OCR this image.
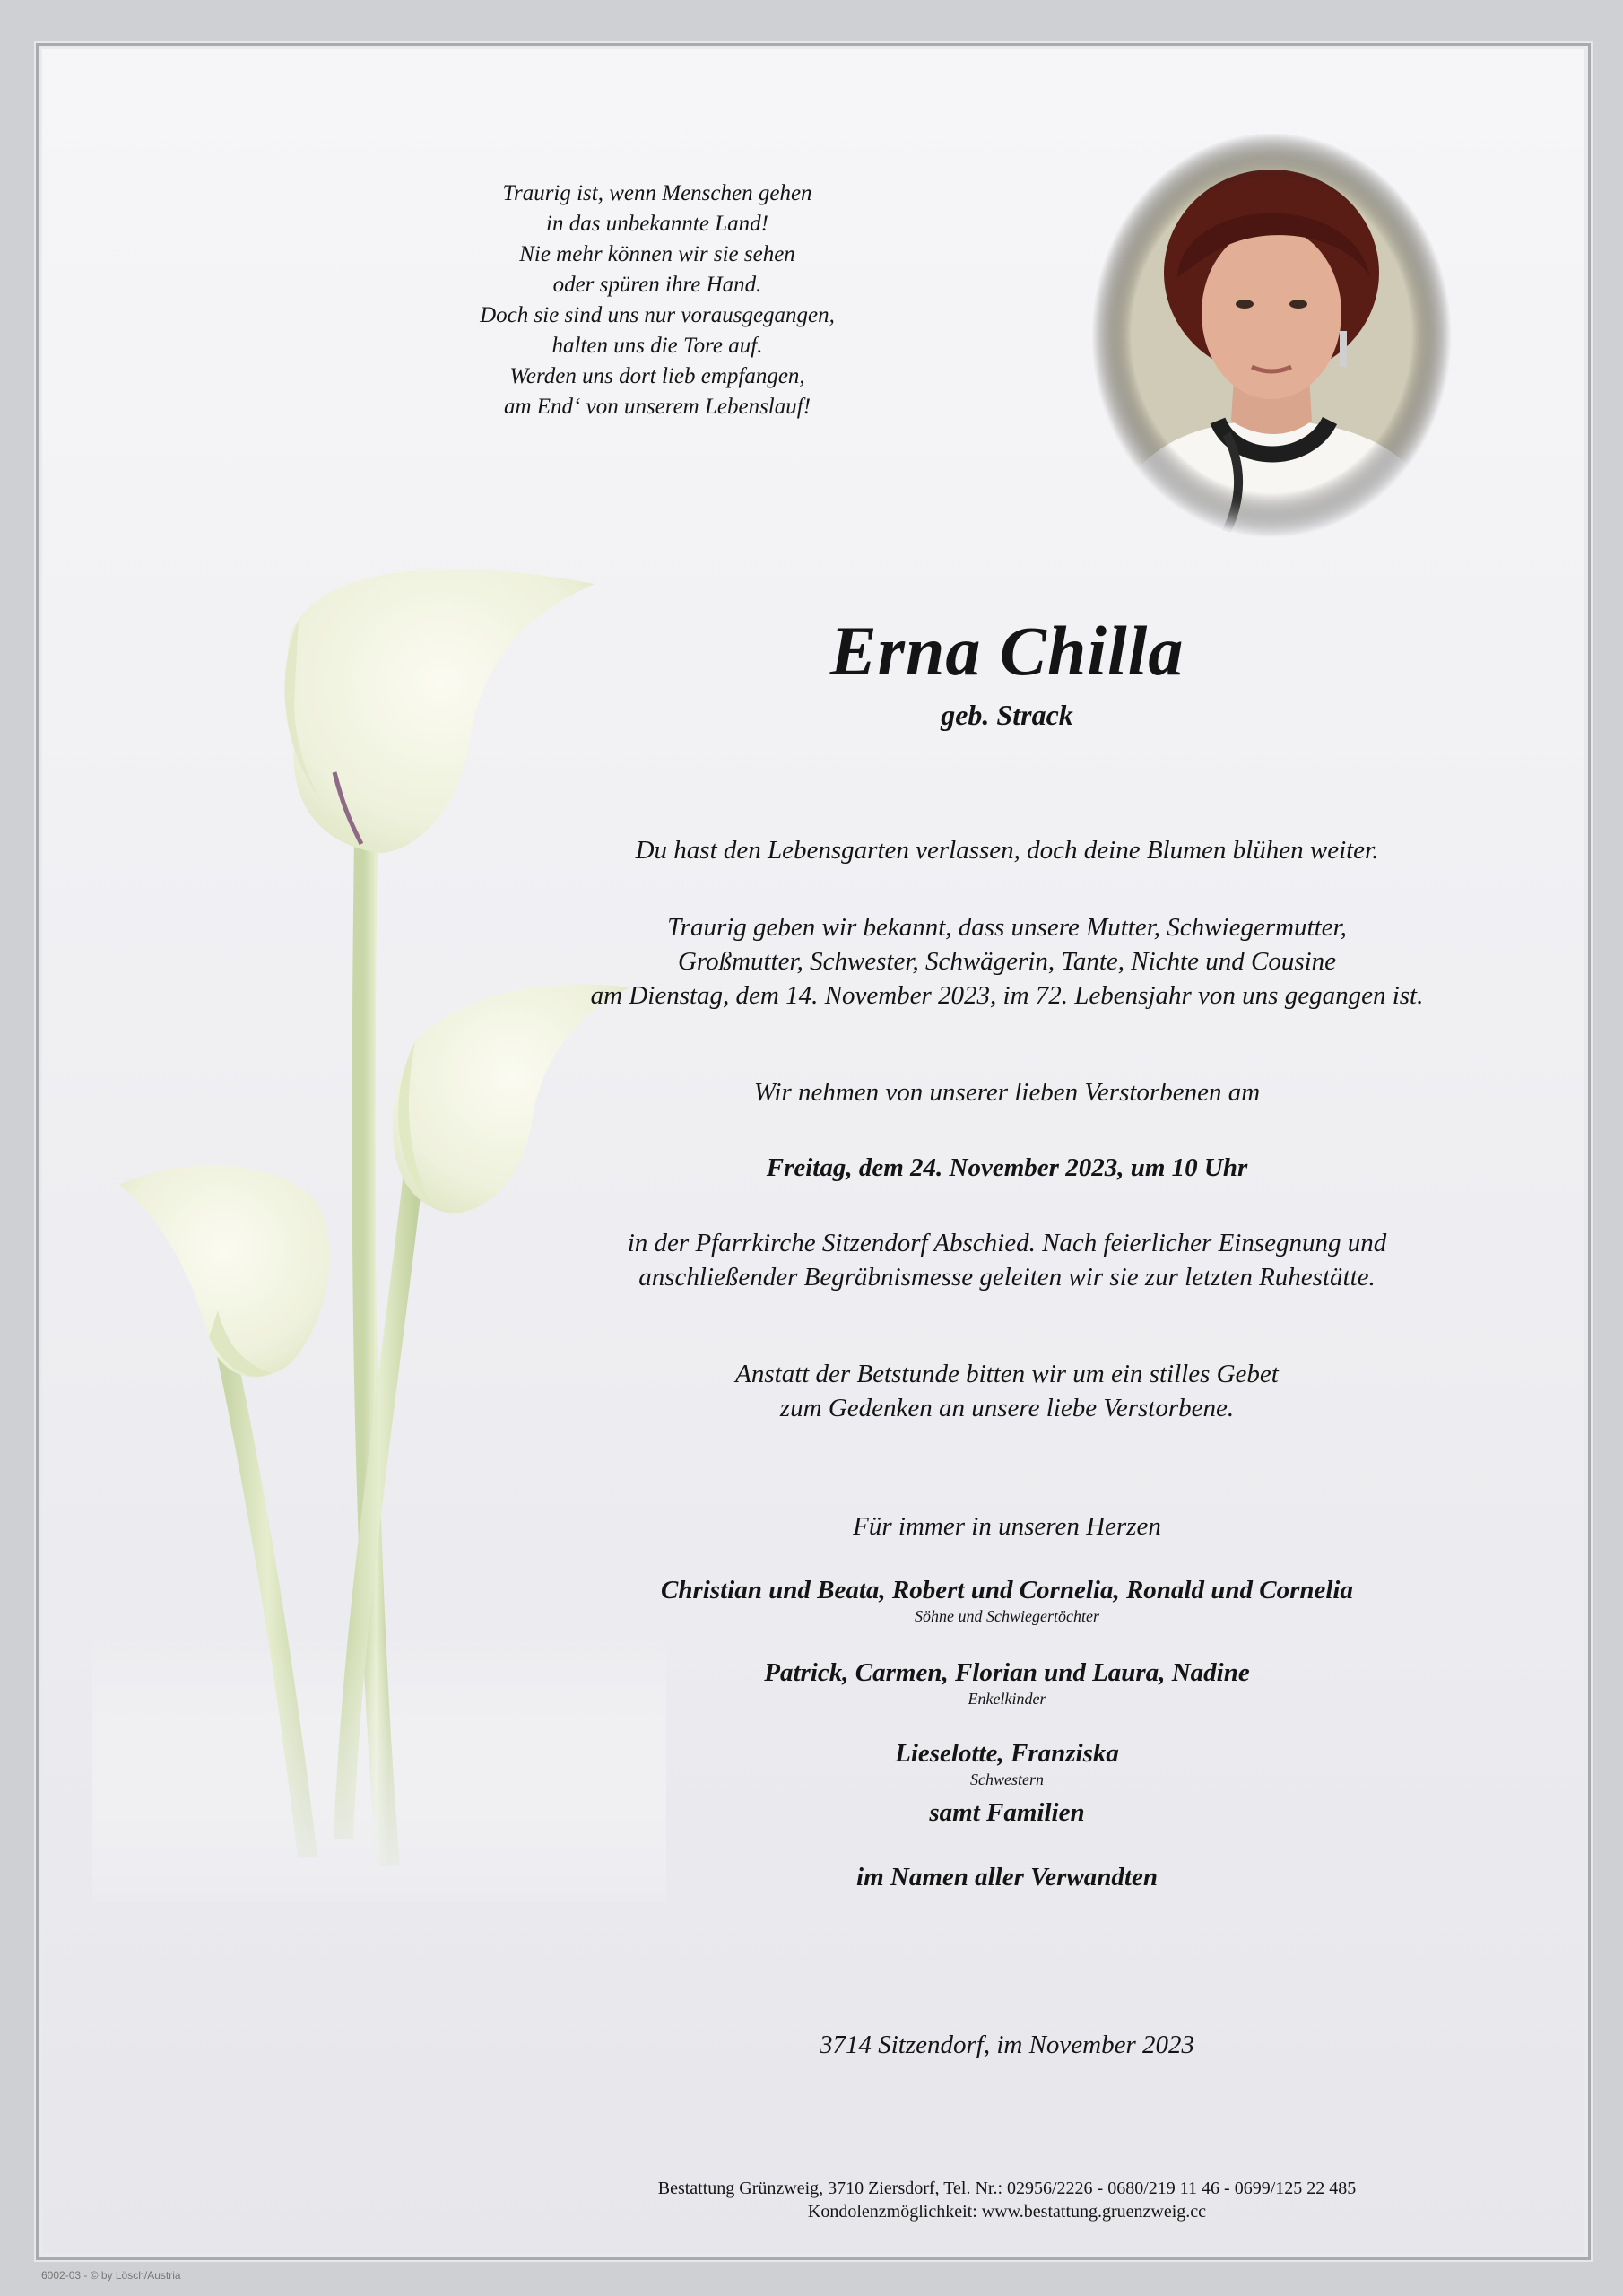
Traurig ist, wenn Menschen gehen
in das unbekannte Land!
Nie mehr können wir sie sehen
oder spüren ihre Hand.
Doch sie sind uns nur vorausgegangen,
halten uns die Tore auf.
Werden uns dort lieb empfangen,
am End‘ von unserem Lebenslauf!
Erna Chilla
geb. Strack
Du hast den Lebensgarten verlassen, doch deine Blumen blühen weiter.
Traurig geben wir bekannt, dass unsere Mutter, Schwiegermutter,
Großmutter, Schwester, Schwägerin, Tante, Nichte und Cousine
am Dienstag, dem 14. November 2023, im 72. Lebensjahr von uns gegangen ist.
Wir nehmen von unserer lieben Verstorbenen am
Freitag, dem 24. November 2023, um 10 Uhr
in der Pfarrkirche Sitzendorf Abschied. Nach feierlicher Einsegnung und
anschließender Begräbnismesse geleiten wir sie zur letzten Ruhestätte.
Anstatt der Betstunde bitten wir um ein stilles Gebet
zum Gedenken an unsere liebe Verstorbene.
Für immer in unseren Herzen
Christian und Beata, Robert und Cornelia, Ronald und Cornelia
Söhne und Schwiegertöchter
Patrick, Carmen, Florian und Laura, Nadine
Enkelkinder
Lieselotte, Franziska
Schwestern
samt Familien
im Namen aller Verwandten
3714 Sitzendorf, im November 2023
Bestattung Grünzweig, 3710 Ziersdorf, Tel. Nr.: 02956/2226 - 0680/219 11 46 - 0699/125 22 485
Kondolenzmöglichkeit: www.bestattung.gruenzweig.cc
6002-03 - © by Lösch/Austria
